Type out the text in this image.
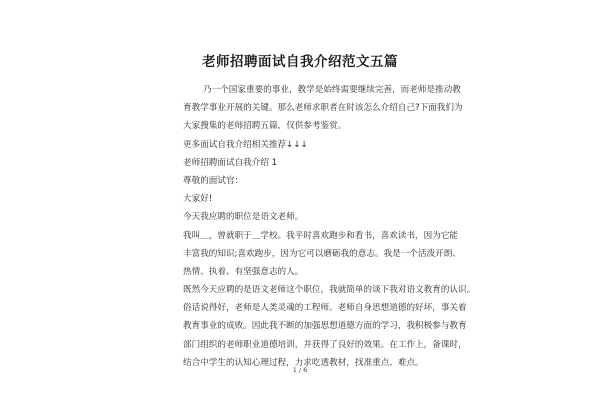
老师招聘面试自我介绍范文五篇
乃一个国家重要的事业，教学是始终需要继续完善，而老师是推动教
育教学事业开展的关键。那么老师求职者在时该怎么介绍自己?下面我们为
大家搜集的老师招聘五篇，仅供参考鉴赏。
更多面试自我介绍相关推荐↓↓↓
老师招聘面试自我介绍 1
尊敬的面试官：
大家好!
今天我应聘的职位是语文老师。
我叫＿，曾就职于＿学校。我平时喜欢跑步和看书，喜欢读书，因为它能
丰富我的知识;喜欢跑步，因为它可以磨砺我的意志。我是一个活泼开朗、
热情、执着、有坚强意志的人。
既然今天应聘的是语文老师这个职位，我就简单的谈下我对语文教育的认识。
俗话说得好，老师是人类灵魂的工程师。老师自身思想道德的好坏，事关着
教育事业的成败。因此我不断的加强思想道德方面的学习，我积极参与教育
部门组织的老师职业道德培训，并获得了良好的效果。在工作上，备课时，
结合中学生的认知心理过程，力求吃透教材，找准重点、难点。
1 / 6
